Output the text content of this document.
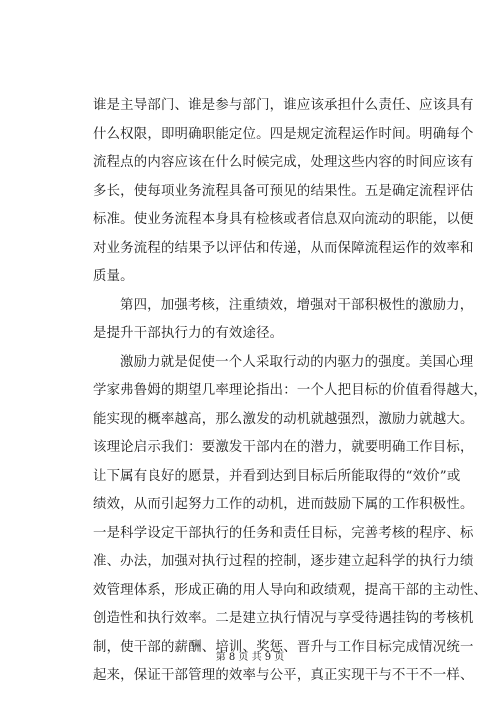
谁是主导部门、谁是参与部门，谁应该承担什么责任、应该具有
什么权限，即明确职能定位。四是规定流程运作时间。明确每个
流程点的内容应该在什么时候完成，处理这些内容的时间应该有
多长，使每项业务流程具备可预见的结果性。五是确定流程评估
标准。使业务流程本身具有检核或者信息双向流动的职能，以便
对业务流程的结果予以评估和传递，从而保障流程运作的效率和
质量。
第四，加强考核，注重绩效，增强对干部积极性的激励力，
是提升干部执行力的有效途径。
激励力就是促使一个人采取行动的内驱力的强度。美国心理
学家弗鲁姆的期望几率理论指出：一个人把目标的价值看得越大，
能实现的概率越高，那么激发的动机就越强烈，激励力就越大。
该理论启示我们：要激发干部内在的潜力，就要明确工作目标，
让下属有良好的愿景，并看到达到目标后所能取得的“效价”或
绩效，从而引起努力工作的动机，进而鼓励下属的工作积极性。
一是科学设定干部执行的任务和责任目标，完善考核的程序、标
准、办法，加强对执行过程的控制，逐步建立起科学的执行力绩
效管理体系，形成正确的用人导向和政绩观，提高干部的主动性、
创造性和执行效率。二是建立执行情况与享受待遇挂钩的考核机
制，使干部的薪酬、培训、奖惩、晋升与工作目标完成情况统一
起来，保证干部管理的效率与公平，真正实现干与不干不一样、
第 8 页 共 9 页
